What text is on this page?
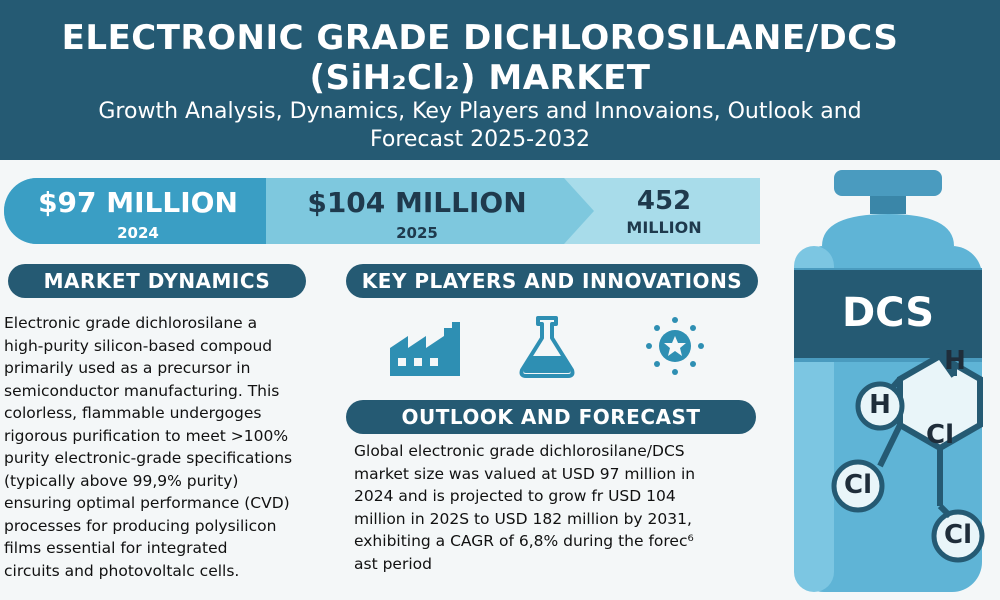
ELECTRONIC GRADE DICHLOROSILANE/DCS
(SiH₂Cl₂) MARKET
Growth Analysis, Dynamics, Key Players and Innovaions, Outlook and
Forecast 2025-2032
$97 MILLION
2024
$104 MILLION
2025
452
MILLION
MARKET DYNAMICS
Electronic grade dichlorosilane a
high-purity silicon-based compoud
primarily used as a precursor in
semiconductor manufacturing. This
colorless, flammable undergoges
rigorous purification to meet >100%
purity electronic-grade specifications
(typically above 99,9% purity)
ensuring optimal performance (CVD)
processes for producing polysilicon
films essential for integrated
circuits and photovoltalc cells.
KEY PLAYERS AND INNOVATIONS
OUTLOOK AND FORECAST
Global electronic grade dichlorosilane/DCS
market size was valued at USD 97 million in
2024 and is projected to grow fr USD 104
million in 202S to USD 182 million by 2031,
exhibiting a CAGR of 6,8% during the forec⁶
ast period
DCS
H
H
Cl
Cl
Cl
